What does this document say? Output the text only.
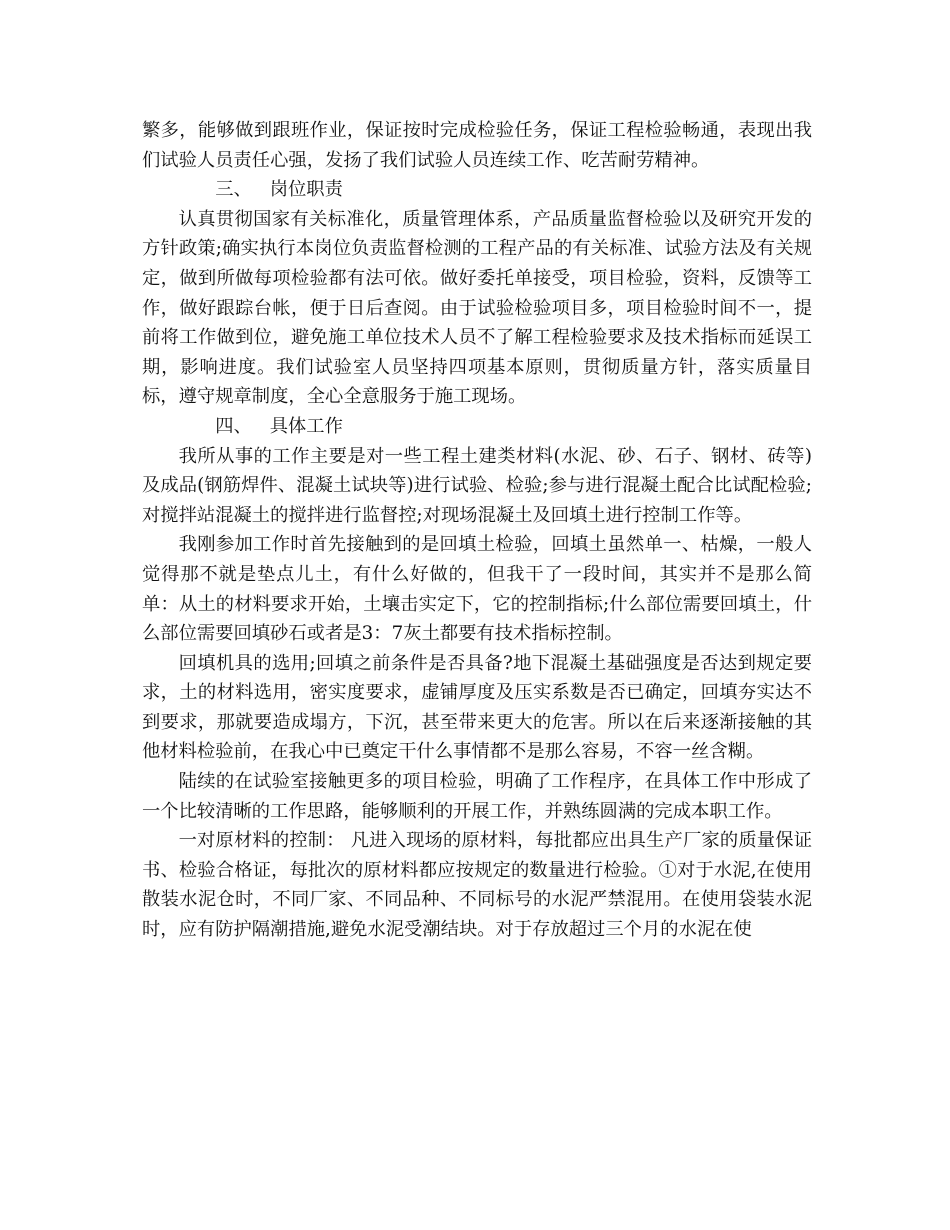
繁多，能够做到跟班作业，保证按时完成检验任务，保证工程检验畅通，表现出我们试验人员责任心强，发扬了我们试验人员连续工作、吃苦耐劳精神。

三、 岗位职责

认真贯彻国家有关标准化，质量管理体系，产品质量监督检验以及研究开发的方针政策;确实执行本岗位负责监督检测的工程产品的有关标准、试验方法及有关规定，做到所做每项检验都有法可依。做好委托单接受，项目检验，资料，反馈等工作，做好跟踪台帐，便于日后查阅。由于试验检验项目多，项目检验时间不一，提前将工作做到位，避免施工单位技术人员不了解工程检验要求及技术指标而延误工期，影响进度。我们试验室人员坚持四项基本原则，贯彻质量方针，落实质量目标，遵守规章制度，全心全意服务于施工现场。

四、 具体工作

我所从事的工作主要是对一些工程土建类材料(水泥、砂、石子、钢材、砖等)及成品(钢筋焊件、混凝土试块等)进行试验、检验;参与进行混凝土配合比试配检验;对搅拌站混凝土的搅拌进行监督控;对现场混凝土及回填土进行控制工作等。

我刚参加工作时首先接触到的是回填土检验，回填土虽然单一、枯燥，一般人觉得那不就是垫点儿土，有什么好做的，但我干了一段时间，其实并不是那么简单：从土的材料要求开始，土壤击实定下，它的控制指标;什么部位需要回填土，什么部位需要回填砂石或者是3：7灰土都要有技术指标控制。

回填机具的选用;回填之前条件是否具备?地下混凝土基础强度是否达到规定要求，土的材料选用，密实度要求，虚铺厚度及压实系数是否已确定，回填夯实达不到要求，那就要造成塌方，下沉，甚至带来更大的危害。所以在后来逐渐接触的其他材料检验前，在我心中已奠定干什么事情都不是那么容易，不容一丝含糊。

陆续的在试验室接触更多的项目检验，明确了工作程序，在具体工作中形成了一个比较清晰的工作思路，能够顺利的开展工作，并熟练圆满的完成本职工作。

一对原材料的控制： 凡进入现场的原材料，每批都应出具生产厂家的质量保证书、检验合格证，每批次的原材料都应按规定的数量进行检验。①对于水泥,在使用散装水泥仓时，不同厂家、不同品种、不同标号的水泥严禁混用。在使用袋装水泥时，应有防护隔潮措施,避免水泥受潮结块。对于存放超过三个月的水泥在使
